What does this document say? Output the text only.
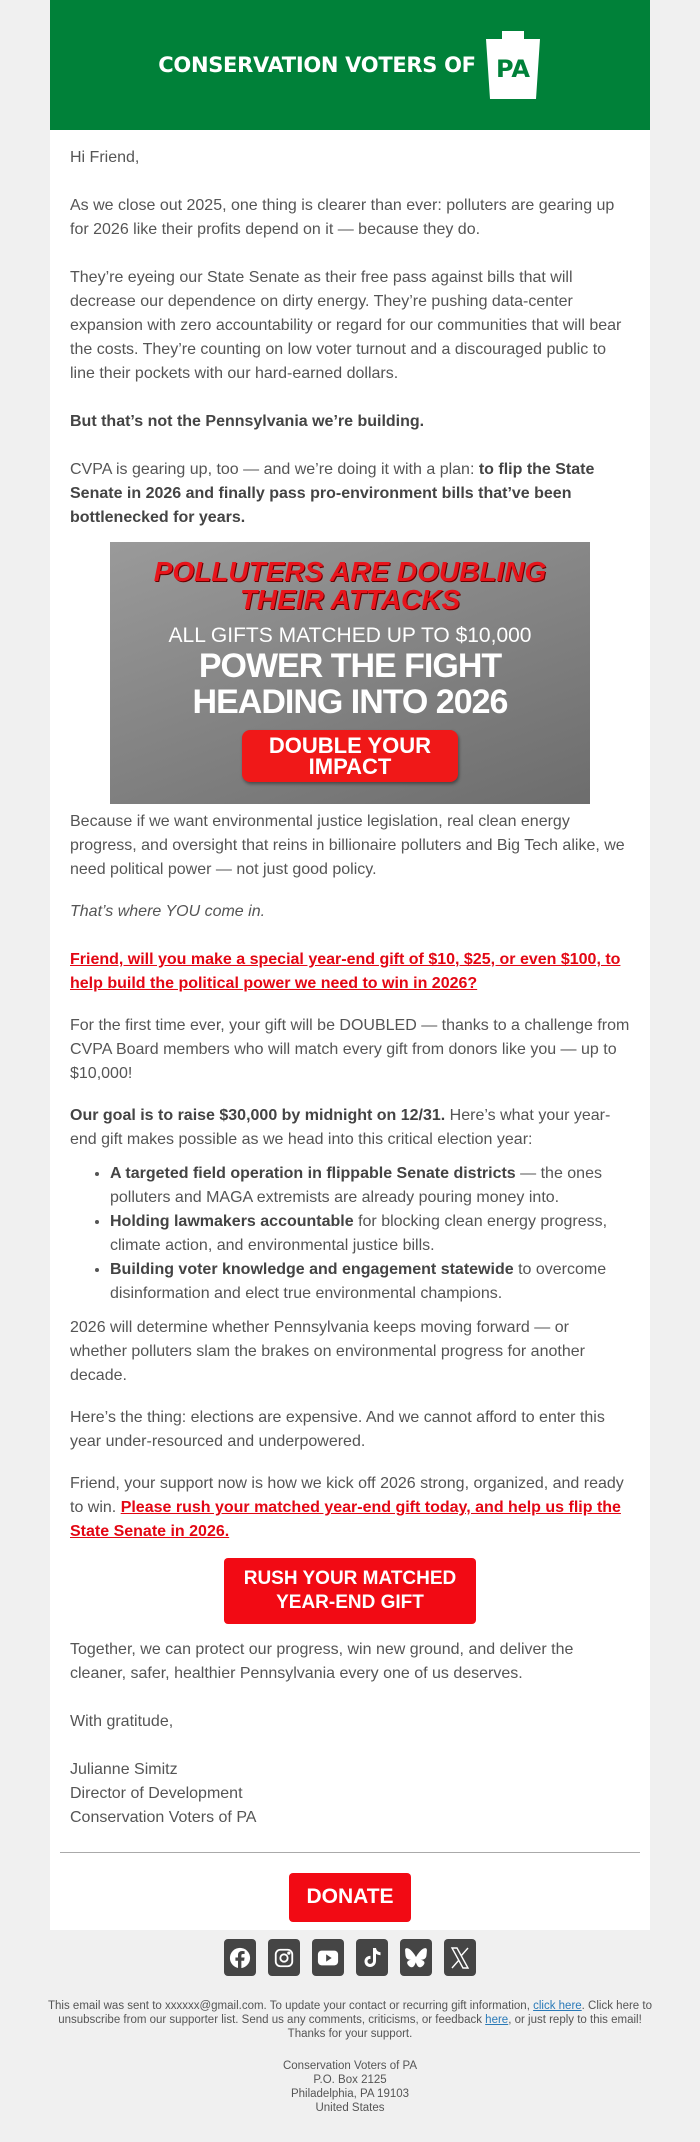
CONSERVATION VOTERS OF PA

Hi Friend,

As we close out 2025, one thing is clearer than ever: polluters are gearing up for 2026 like their profits depend on it — because they do.

They’re eyeing our State Senate as their free pass against bills that will decrease our dependence on dirty energy. They’re pushing data-center expansion with zero accountability or regard for our communities that will bear the costs. They’re counting on low voter turnout and a discouraged public to line their pockets with our hard-earned dollars.

But that’s not the Pennsylvania we’re building.

CVPA is gearing up, too — and we’re doing it with a plan: to flip the State Senate in 2026 and finally pass pro-environment bills that’ve been bottlenecked for years.

POLLUTERS ARE DOUBLING
THEIR ATTACKS
ALL GIFTS MATCHED UP TO $10,000
POWER THE FIGHT
HEADING INTO 2026
DOUBLE YOUR
IMPACT

Because if we want environmental justice legislation, real clean energy progress, and oversight that reins in billionaire polluters and Big Tech alike, we need political power — not just good policy.

That’s where YOU come in.

Friend, will you make a special year-end gift of $10, $25, or even $100, to help build the political power we need to win in 2026?

For the first time ever, your gift will be DOUBLED — thanks to a challenge from CVPA Board members who will match every gift from donors like you — up to $10,000!

Our goal is to raise $30,000 by midnight on 12/31. Here’s what your year-end gift makes possible as we head into this critical election year:

• A targeted field operation in flippable Senate districts — the ones polluters and MAGA extremists are already pouring money into.
• Holding lawmakers accountable for blocking clean energy progress, climate action, and environmental justice bills.
• Building voter knowledge and engagement statewide to overcome disinformation and elect true environmental champions.

2026 will determine whether Pennsylvania keeps moving forward — or whether polluters slam the brakes on environmental progress for another decade.

Here’s the thing: elections are expensive. And we cannot afford to enter this year under-resourced and underpowered.

Friend, your support now is how we kick off 2026 strong, organized, and ready to win. Please rush your matched year-end gift today, and help us flip the State Senate in 2026.

RUSH YOUR MATCHED YEAR-END GIFT

Together, we can protect our progress, win new ground, and deliver the cleaner, safer, healthier Pennsylvania every one of us deserves.

With gratitude,

Julianne Simitz
Director of Development
Conservation Voters of PA
DONATE
This email was sent to xxxxxx@gmail.com. To update your contact or recurring gift information, click here. Click here to unsubscribe from our supporter list. Send us any comments, criticisms, or feedback here, or just reply to this email! Thanks for your support.
Conservation Voters of PA
P.O. Box 2125
Philadelphia, PA 19103
United States
